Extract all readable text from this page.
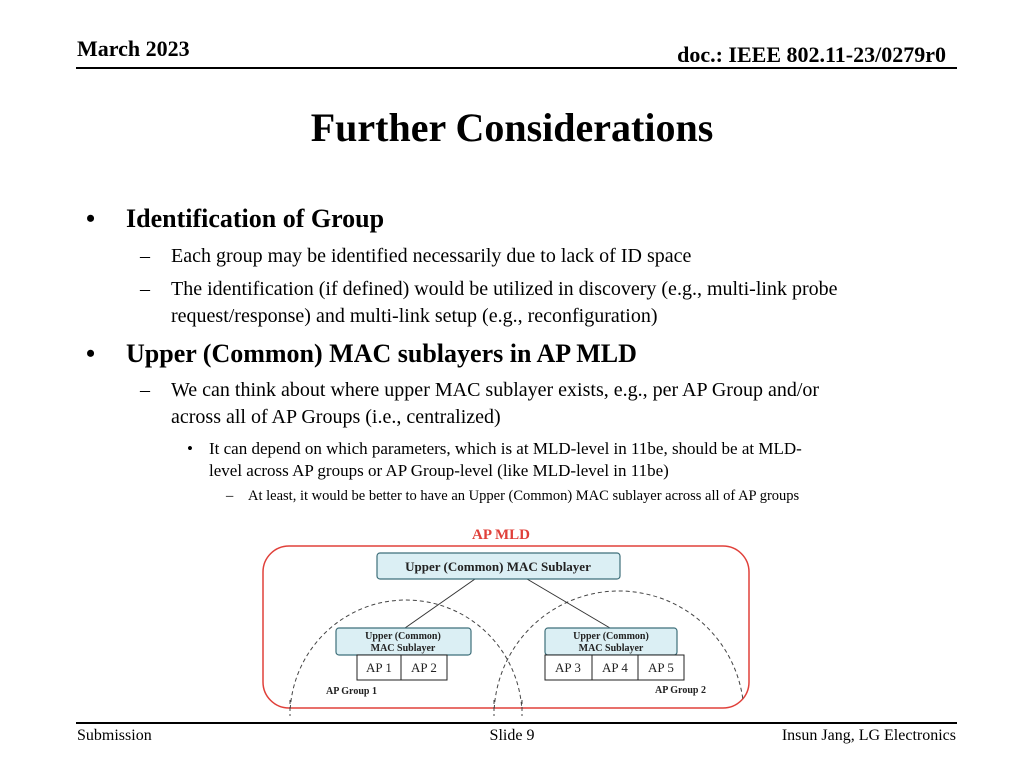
March 2023	doc.: IEEE 802.11-23/0279r0
Further Considerations
• Identification of Group
– Each group may be identified necessarily due to lack of ID space
– The identification (if defined) would be utilized in discovery (e.g., multi-link probe
request/response) and multi-link setup (e.g., reconfiguration)
• Upper (Common) MAC sublayers in AP MLD
– We can think about where upper MAC sublayer exists, e.g., per AP Group and/or
across all of AP Groups (i.e., centralized)
• It can depend on which parameters, which is at MLD-level in 11be, should be at MLD-
level across AP groups or AP Group-level (like MLD-level in 11be)
– At least, it would be better to have an Upper (Common) MAC sublayer across all of AP groups
AP MLD
Upper (Common) MAC Sublayer
Upper (Common)
MAC Sublayer
AP 1 AP 2
AP Group 1
Upper (Common)
MAC Sublayer
AP 3 AP 4 AP 5
AP Group 2
Submission	Slide 9	Insun Jang, LG Electronics
